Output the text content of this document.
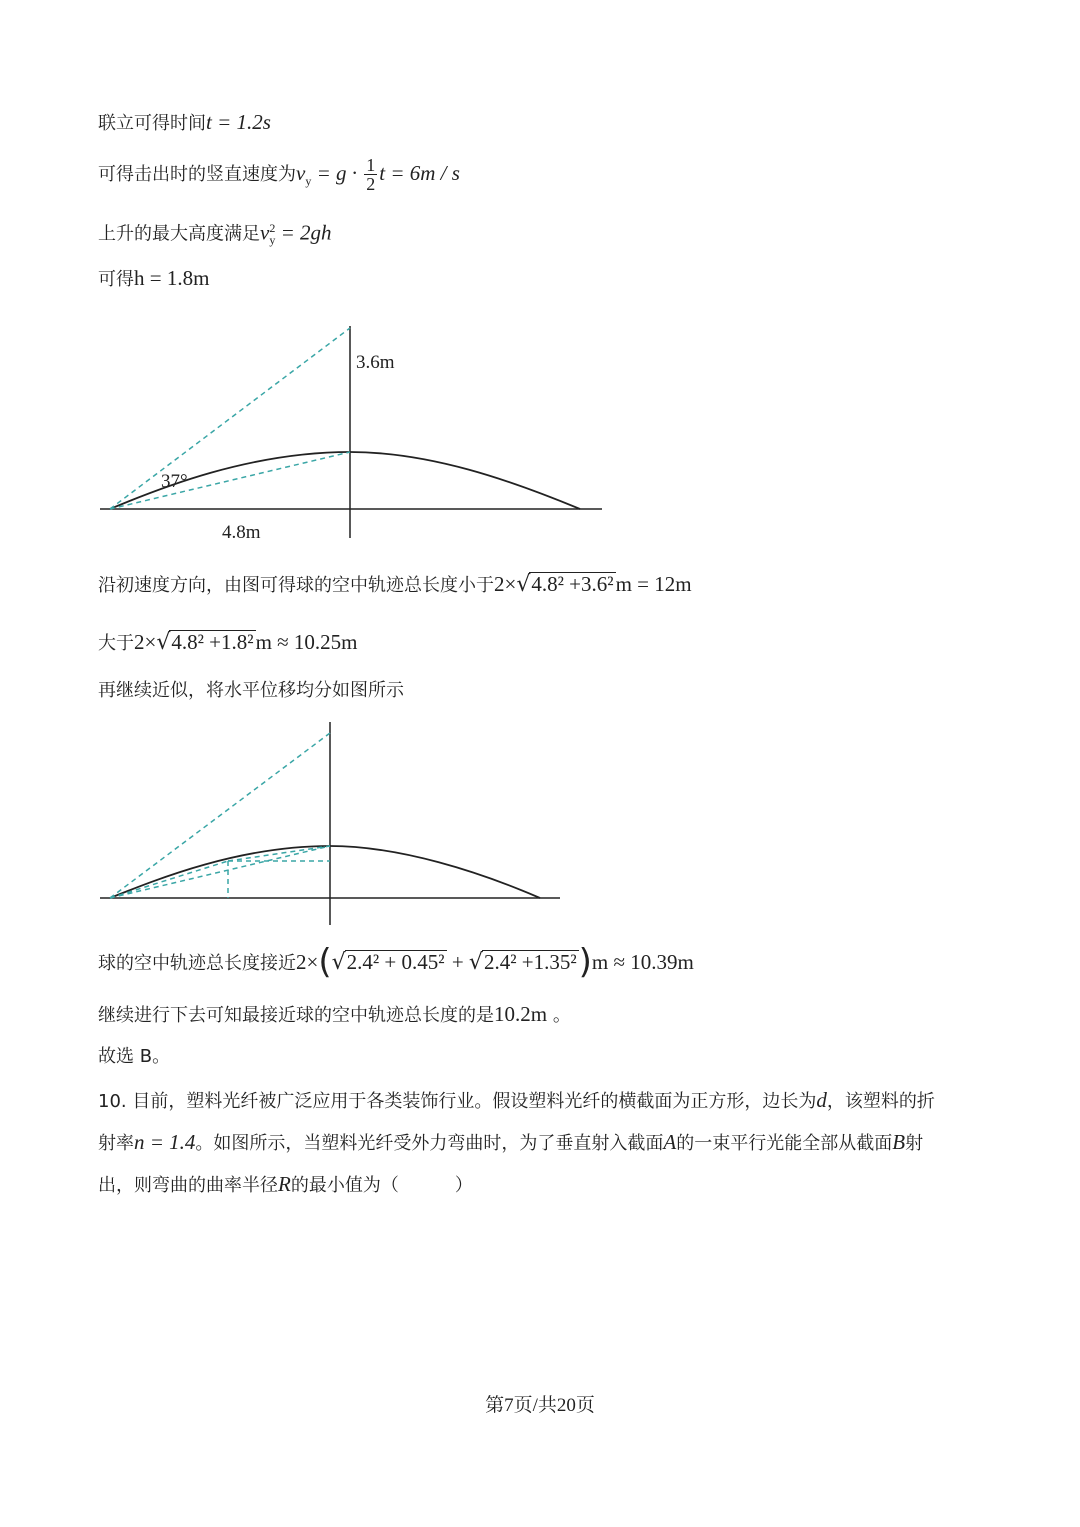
联立可得时间t = 1.2s
可得击出时的竖直速度为$v_y = g \cdot \frac{1}{2}$ t = 6m / s
上升的最大高度满足$v^2_y = 2gh$
可得h = 1.8m
3.6m
37°
4.8m
沿初速度方向，由图可得球的空中轨迹总长度小于2×√4.8² +3.6²m = 12m
大于2×√4.8² +1.8²m ≈ 10.25m
再继续近似，将水平位移均分如图所示
球的空中轨迹总长度接近2×(√2.4² + 0.45² + √2.4² +1.35²)m ≈ 10.39m
继续进行下去可知最接近球的空中轨迹总长度的是10.2m 。
故选 B。
10. 目前，塑料光纤被广泛应用于各类装饰行业。假设塑料光纤的横截面为正方形，边长为d，该塑料的折
射率n = 1.4。如图所示，当塑料光纤受外力弯曲时，为了垂直射入截面A的一束平行光能全部从截面B射
出，则弯曲的曲率半径R的最小值为（	）
第7页/共20页
